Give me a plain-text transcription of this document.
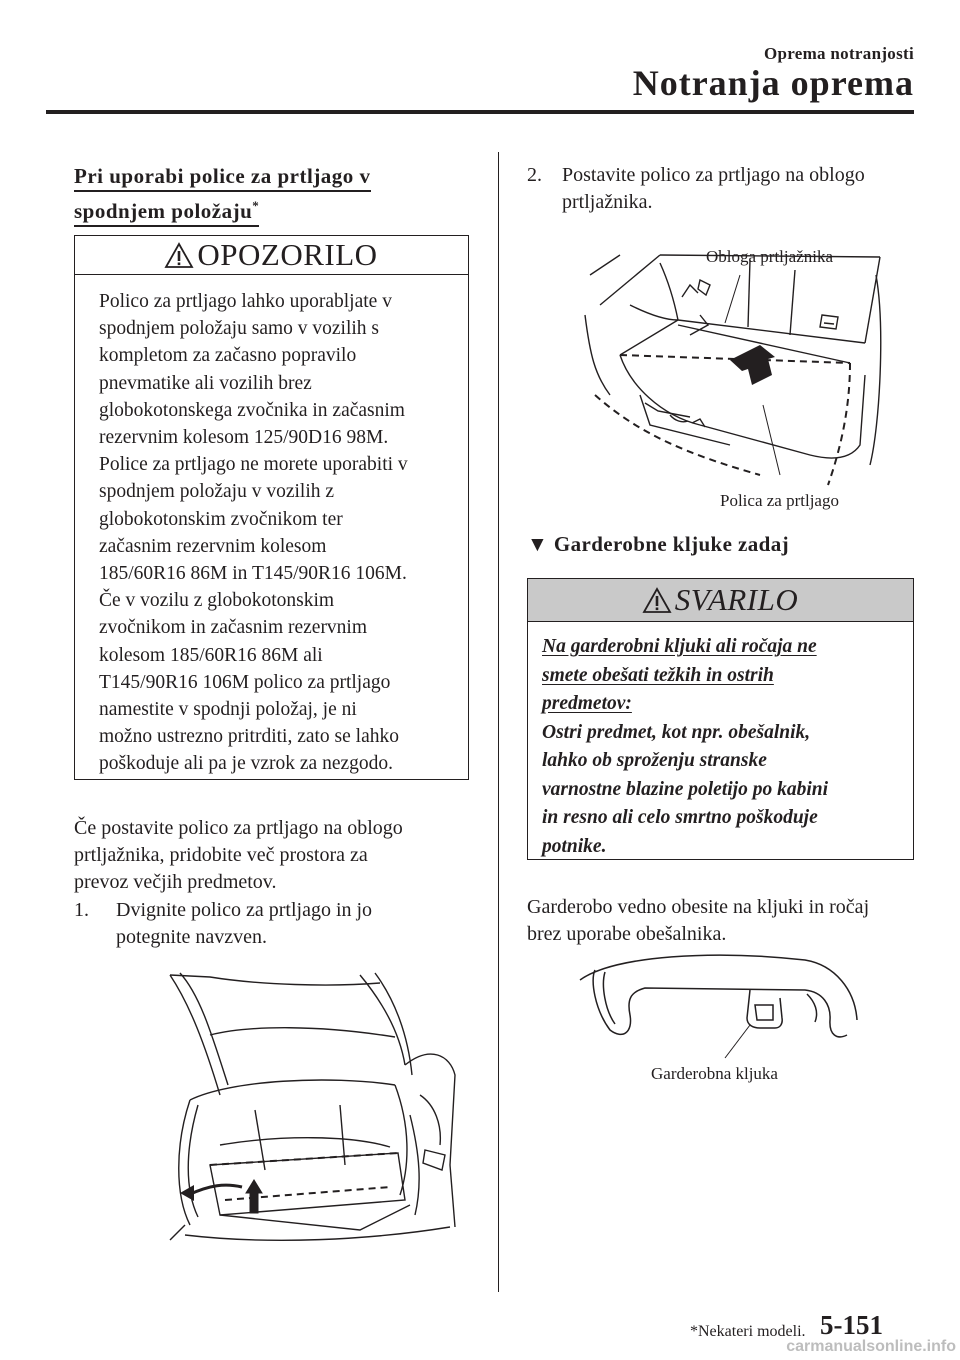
Oprema notranjosti
Notranja oprema
Pri uporabi police za prtljago v
spodnjem položaju*
OPOZORILO
Polico za prtljago lahko uporabljate v
spodnjem položaju samo v vozilih s
kompletom za začasno popravilo
pnevmatike ali vozilih brez
globokotonskega zvočnika in začasnim
rezervnim kolesom 125/90D16 98M.
Police za prtljago ne morete uporabiti v
spodnjem položaju v vozilih z
globokotonskim zvočnikom ter
začasnim rezervnim kolesom
185/60R16 86M in T145/90R16 106M.
Če v vozilu z globokotonskim
zvočnikom in začasnim rezervnim
kolesom 185/60R16 86M ali
T145/90R16 106M polico za prtljago
namestite v spodnji položaj, je ni
možno ustrezno pritrditi, zato se lahko
poškoduje ali pa je vzrok za nezgodo.
Če postavite polico za prtljago na oblogo
prtljažnika, pridobite več prostora za
prevoz večjih predmetov.
1. Dvignite polico za prtljago in jo
potegnite navzven.
2. Postavite polico za prtljago na oblogo
prtljažnika.
Obloga prtljažnika
Polica za prtljago
▼ Garderobne kljuke zadaj
SVARILO
Na garderobni kljuki ali ročaja ne
smete obešati težkih in ostrih
predmetov:
Ostri predmet, kot npr. obešalnik,
lahko ob sproženju stranske
varnostne blazine poletijo po kabini
in resno ali celo smrtno poškoduje
potnike.
Garderobo vedno obesite na kljuki in ročaj
brez uporabe obešalnika.
Garderobna kljuka
*Nekateri modeli. 5-151
carmanualsonline.info
